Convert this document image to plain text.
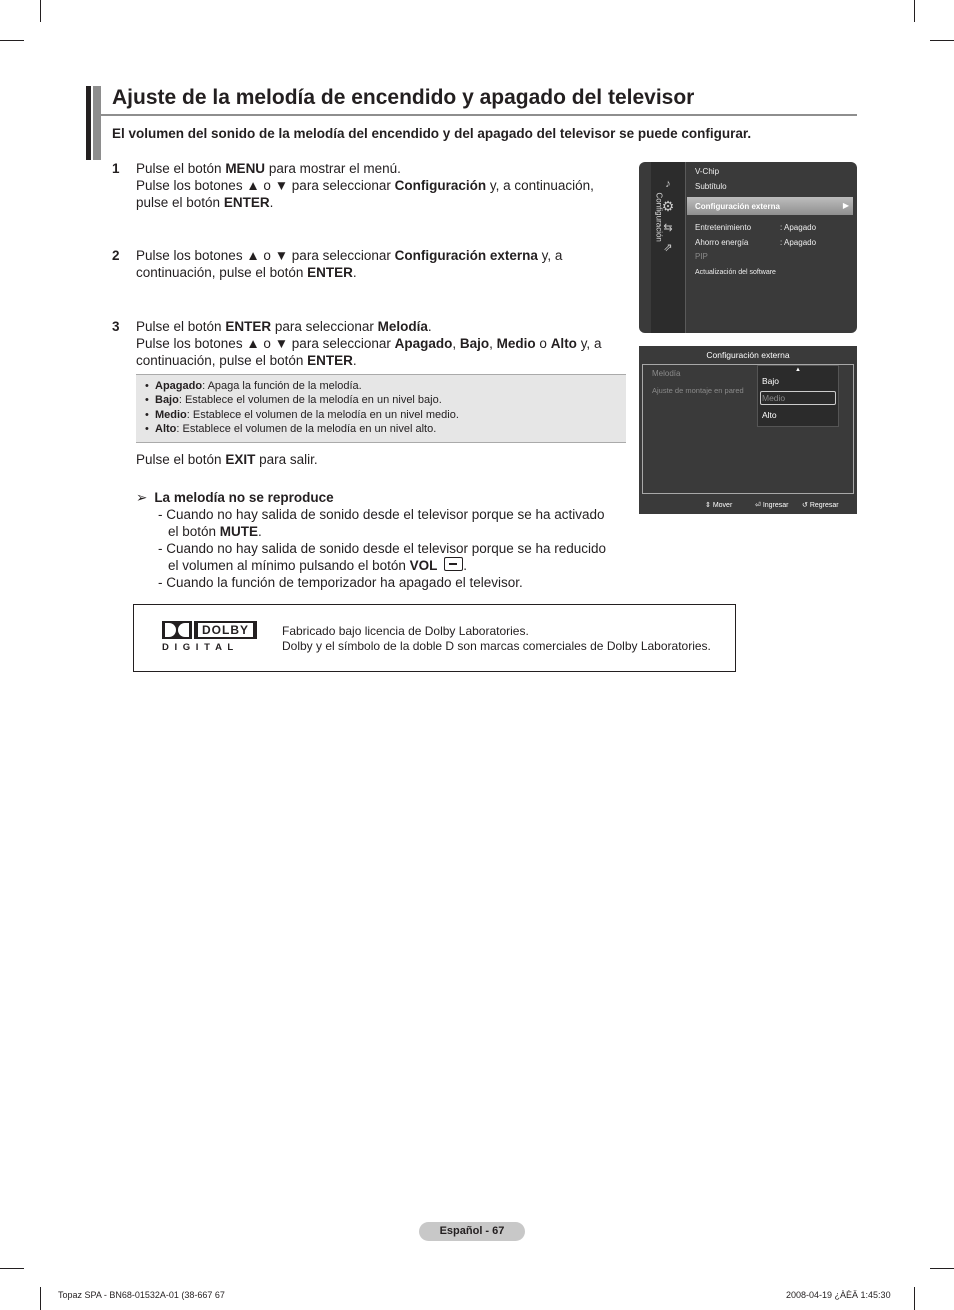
Ajuste de la melodía de encendido y apagado del televisor
El volumen del sonido de la melodía del encendido y del apagado del televisor se puede configurar.
1 Pulse el botón MENU para mostrar el menú.
Pulse los botones ▲ o ▼ para seleccionar Configuración y, a continuación,
pulse el botón ENTER.
2 Pulse los botones ▲ o ▼ para seleccionar Configuración externa y, a
continuación, pulse el botón ENTER.
3 Pulse el botón ENTER para seleccionar Melodía.
Pulse los botones ▲ o ▼ para seleccionar Apagado, Bajo, Medio o Alto y, a
continuación, pulse el botón ENTER.
• Apagado: Apaga la función de la melodía.
• Bajo: Establece el volumen de la melodía en un nivel bajo.
• Medio: Establece el volumen de la melodía en un nivel medio.
• Alto: Establece el volumen de la melodía en un nivel alto.
Pulse el botón EXIT para salir.
➢ La melodía no se reproduce
- Cuando no hay salida de sonido desde el televisor porque se ha activado
el botón MUTE.
- Cuando no hay salida de sonido desde el televisor porque se ha reducido
el volumen al mínimo pulsando el botón VOL .
- Cuando la función de temporizador ha apagado el televisor.
DOLBY
D I G I T A L
Fabricado bajo licencia de Dolby Laboratories.
Dolby y el símbolo de la doble D son marcas comerciales de Dolby Laboratories.
Configuración
♪
⚙
⇆
⇗
V-Chip
Subtítulo
Configuración externa	▶
Entretenimiento	: Apagado
Ahorro energía	: Apagado
PIP
Actualización del software
Configuración externa
Melodía
Ajuste de montaje en pared
▲
Bajo
Medio
Alto
⇕ Mover	⏎ Ingresar ↺ Regresar
Español - 67
Topaz SPA - BN68-01532A-01 (38-667 67	2008-04-19 ¿ÀÈÄ 1:45:30
